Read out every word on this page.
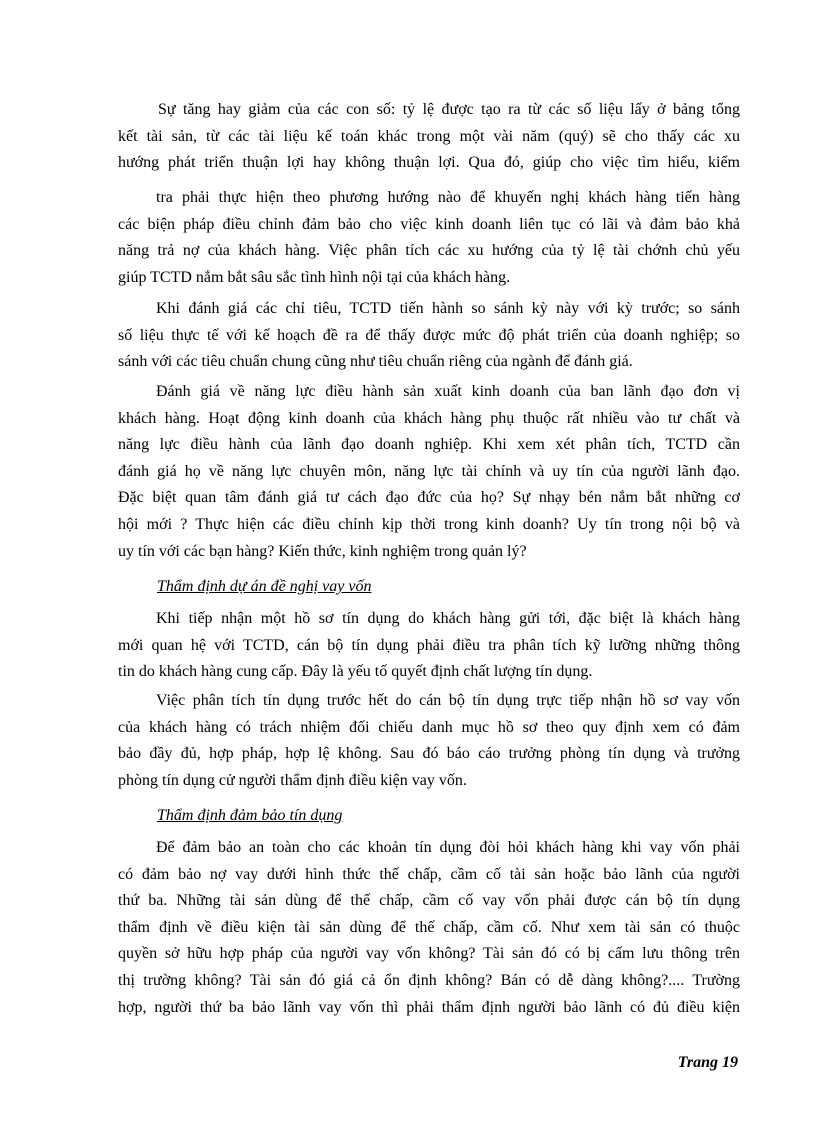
Sự tăng hay giảm của các con số: tỷ lệ được tạo ra từ các số liệu lấy ở bảng tổng
kết tài sản, từ các tài liệu kế toán khác trong một vài năm (quý) sẽ cho thấy các xu
hướng phát triển thuận lợi hay không thuận lợi. Qua đó, giúp cho việc tìm hiểu, kiểm
tra phải thực hiện theo phương hướng nào để khuyến nghị khách hàng tiến hàng
các biện pháp điều chỉnh đảm bảo cho việc kinh doanh liên tục có lãi và đảm bảo khả
năng trả nợ của khách hàng. Việc phân tích các xu hướng của tỷ lệ tài chớnh chủ yếu
giúp TCTD nắm bắt sâu sắc tình hình nội tại của khách hàng.
Khi đánh giá các chỉ tiêu, TCTD tiến hành so sánh kỳ này với kỳ trước; so sánh
số liệu thực tế với kế hoạch đề ra để thấy được mức độ phát triển của doanh nghiệp; so
sánh với các tiêu chuẩn chung cũng như tiêu chuẩn riêng của ngành để đánh giá.
Đánh giá về năng lực điều hành sản xuất kinh doanh của ban lãnh đạo đơn vị
khách hàng. Hoạt động kinh doanh của khách hàng phụ thuộc rất nhiều vào tư chất và
năng lực điều hành của lãnh đạo doanh nghiệp. Khi xem xét phân tích, TCTD cần
đánh giá họ về năng lực chuyên môn, năng lực tài chính và uy tín của người lãnh đạo.
Đặc biệt quan tâm đánh giá tư cách đạo đức của họ? Sự nhạy bén nắm bắt những cơ
hội mới ? Thực hiện các điều chỉnh kịp thời trong kinh doanh? Uy tín trong nội bộ và
uy tín với các bạn hàng? Kiến thức, kinh nghiệm trong quản lý?
Thẩm định dự án đề nghị vay vốn
Khi tiếp nhận một hồ sơ tín dụng do khách hàng gửi tới, đặc biệt là khách hàng
mới quan hệ với TCTD, cán bộ tín dụng phải điều tra phân tích kỹ lưỡng những thông
tin do khách hàng cung cấp. Đây là yếu tố quyết định chất lượng tín dụng.
Việc phân tích tín dụng trước hết do cán bộ tín dụng trực tiếp nhận hồ sơ vay vốn
của khách hàng có trách nhiệm đối chiếu danh mục hồ sơ theo quy định xem có đảm
bảo đầy đủ, hợp pháp, hợp lệ không. Sau đó báo cáo trưởng phòng tín dụng và trưởng
phòng tín dụng cử người thẩm định điều kiện vay vốn.
Thẩm định đảm bảo tín dụng
Để đảm bảo an toàn cho các khoản tín dụng đòi hỏi khách hàng khi vay vốn phải
có đảm bảo nợ vay dưới hình thức thế chấp, cầm cố tài sản hoặc bảo lãnh của người
thứ ba. Những tài sản dùng để thế chấp, cầm cố vay vốn phải được cán bộ tín dụng
thẩm định về điều kiện tài sản dùng để thế chấp, cầm cố. Như xem tài sản có thuộc
quyền sở hữu hợp pháp của người vay vốn không? Tài sản đó có bị cấm lưu thông trên
thị trường không? Tài sản đó giá cả ổn định không? Bán có dễ dàng không?.... Trường
hợp, người thứ ba bảo lãnh vay vốn thì phải thẩm định người bảo lãnh có đủ điều kiện
Trang 19
